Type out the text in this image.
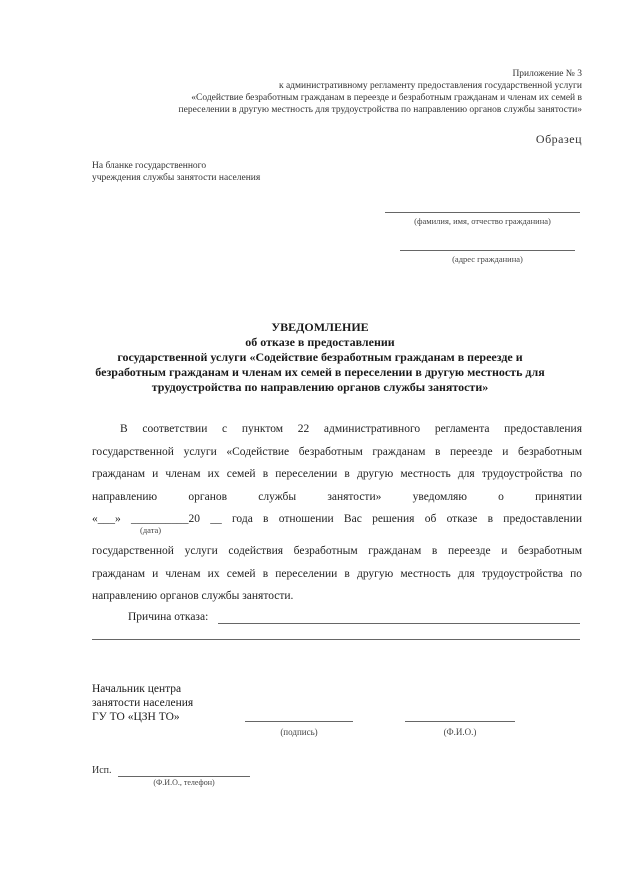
Приложение № 3
к административному регламенту предоставления государственной услуги
«Содействие безработным гражданам в переезде и безработным гражданам и членам их семей в
переселении в другую местность для трудоустройства по направлению органов службы занятости»
Образец
На бланке государственного
учреждения службы занятости населения
(фамилия, имя, отчество гражданина)
(адрес гражданина)
УВЕДОМЛЕНИЕ
об отказе в предоставлении
государственной услуги «Содействие безработным гражданам в переезде и
безработным гражданам и членам их семей в переселении в другую местность для
трудоустройства по направлению органов службы занятости»
В соответствии с пунктом 22 административного регламента предоставления
государственной услуги «Содействие безработным гражданам в переезде и безработным
гражданам и членам их семей в переселении в другую местность для трудоустройства по
направлению органов службы занятости» уведомляю о принятии
«___» __________20 __ года в отношении Вас решения об отказе в предоставлении
(дата)
государственной услуги содействия безработным гражданам в переезде и безработным
гражданам и членам их семей в переселении в другую местность для трудоустройства по
направлению органов службы занятости.
Причина отказа:
Начальник центра
занятости населения
ГУ ТО «ЦЗН ТО»
(подпись)	(Ф.И.О.)
Исп.
(Ф.И.О., телефон)
